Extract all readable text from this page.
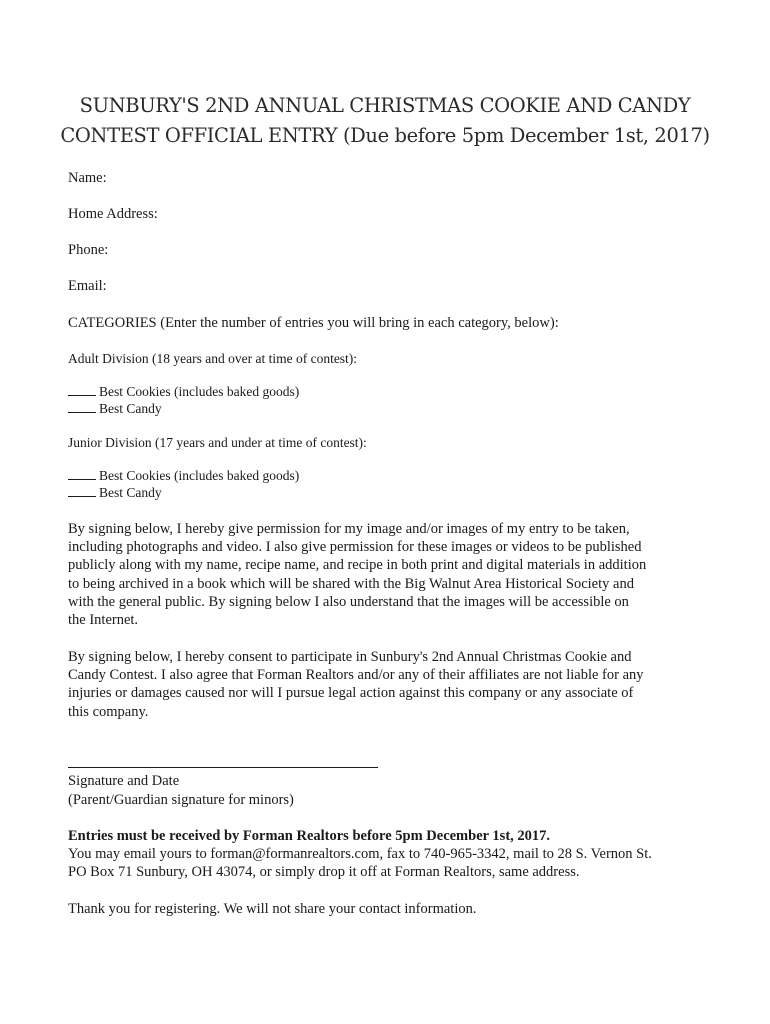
SUNBURY'S 2ND ANNUAL CHRISTMAS COOKIE AND CANDY
CONTEST OFFICIAL ENTRY (Due before 5pm December 1st, 2017)

Name:

Home Address:

Phone:

Email:

CATEGORIES (Enter the number of entries you will bring in each category, below):

Adult Division (18 years and over at time of contest):

Best Cookies (includes baked goods)

Best Candy

Junior Division (17 years and under at time of contest):

Best Cookies (includes baked goods)

Best Candy

By signing below, I hereby give permission for my image and/or images of my entry to be taken,
including photographs and video. I also give permission for these images or videos to be published
publicly along with my name, recipe name, and recipe in both print and digital materials in addition
to being archived in a book which will be shared with the Big Walnut Area Historical Society and
with the general public. By signing below I also understand that the images will be accessible on
the Internet.
By signing below, I hereby consent to participate in Sunbury's 2nd Annual Christmas Cookie and
Candy Contest. I also agree that Forman Realtors and/or any of their affiliates are not liable for any
injuries or damages caused nor will I pursue legal action against this company or any associate of
this company.

Signature and Date

(Parent/Guardian signature for minors)

Entries must be received by Forman Realtors before 5pm December 1st, 2017.

You may email yours to forman@formanrealtors.com, fax to 740-965-3342, mail to 28 S. Vernon St.

PO Box 71 Sunbury, OH 43074, or simply drop it off at Forman Realtors, same address.

Thank you for registering. We will not share your contact information.
